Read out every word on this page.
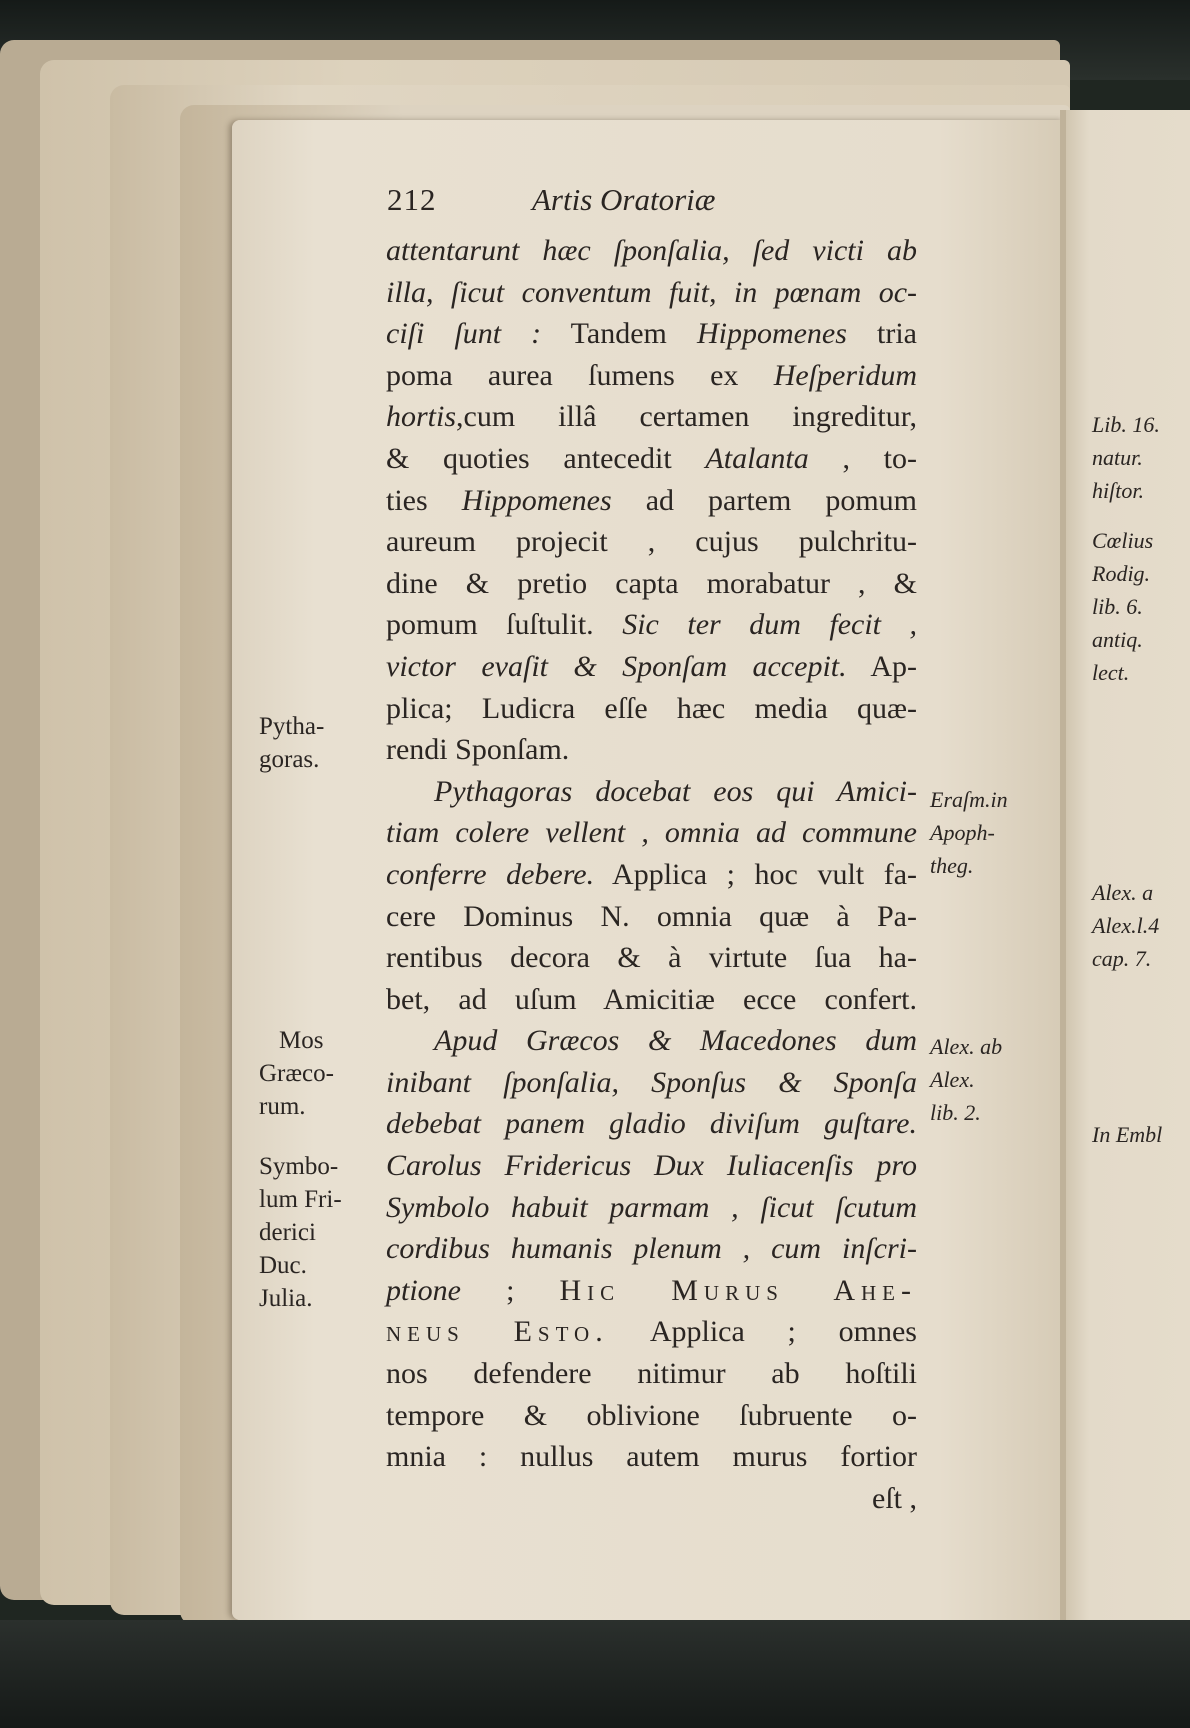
212	Artis Oratoriæ
attentarunt hæc ſponſalia, ſed victi ab
illa, ſicut conventum fuit, in pœnam oc-
ciſi ſunt : Tandem Hippomenes tria
poma aurea ſumens ex Heſperidum
hortis,cum illâ certamen ingreditur,
& quoties antecedit Atalanta , to-
ties Hippomenes ad partem pomum
aureum projecit , cujus pulchritu-
dine & pretio capta morabatur , &
pomum ſuſtulit. Sic ter dum fecit ,
victor evaſit & Sponſam accepit. Ap-
plica; Ludicra eſſe hæc media quæ-
rendi Sponſam.
Pythagoras docebat eos qui Amici-
tiam colere vellent , omnia ad commune
conferre debere. Applica ; hoc vult fa-
cere Dominus N. omnia quæ à Pa-
rentibus decora & à virtute ſua ha-
bet, ad uſum Amicitiæ ecce confert.
Apud Græcos & Macedones dum
inibant ſponſalia, Sponſus & Sponſa
debebat panem gladio diviſum guſtare.
Carolus Fridericus Dux Iuliacenſis pro
Symbolo habuit parmam , ſicut ſcutum
cordibus humanis plenum , cum inſcri-
ptione ; Hic Murus Ahe-
neus Esto. Applica ; omnes
nos defendere nitimur ab hoſtili
tempore & oblivione ſubruente o-
mnia : nullus autem murus fortior
eſt ,
Pytha-
goras.
Mos
Græco-
rum.
Symbo-
lum Fri-
derici
Duc.
Julia.
Eraſm.in
Apoph-
theg.
Alex. ab
Alex.
lib. 2.
Lib. 16.
natur.
hiſtor.
Cœlius
Rodig.
lib. 6.
antiq.
lect.
Alex. a
Alex.l.4
cap. 7.
In Embl
